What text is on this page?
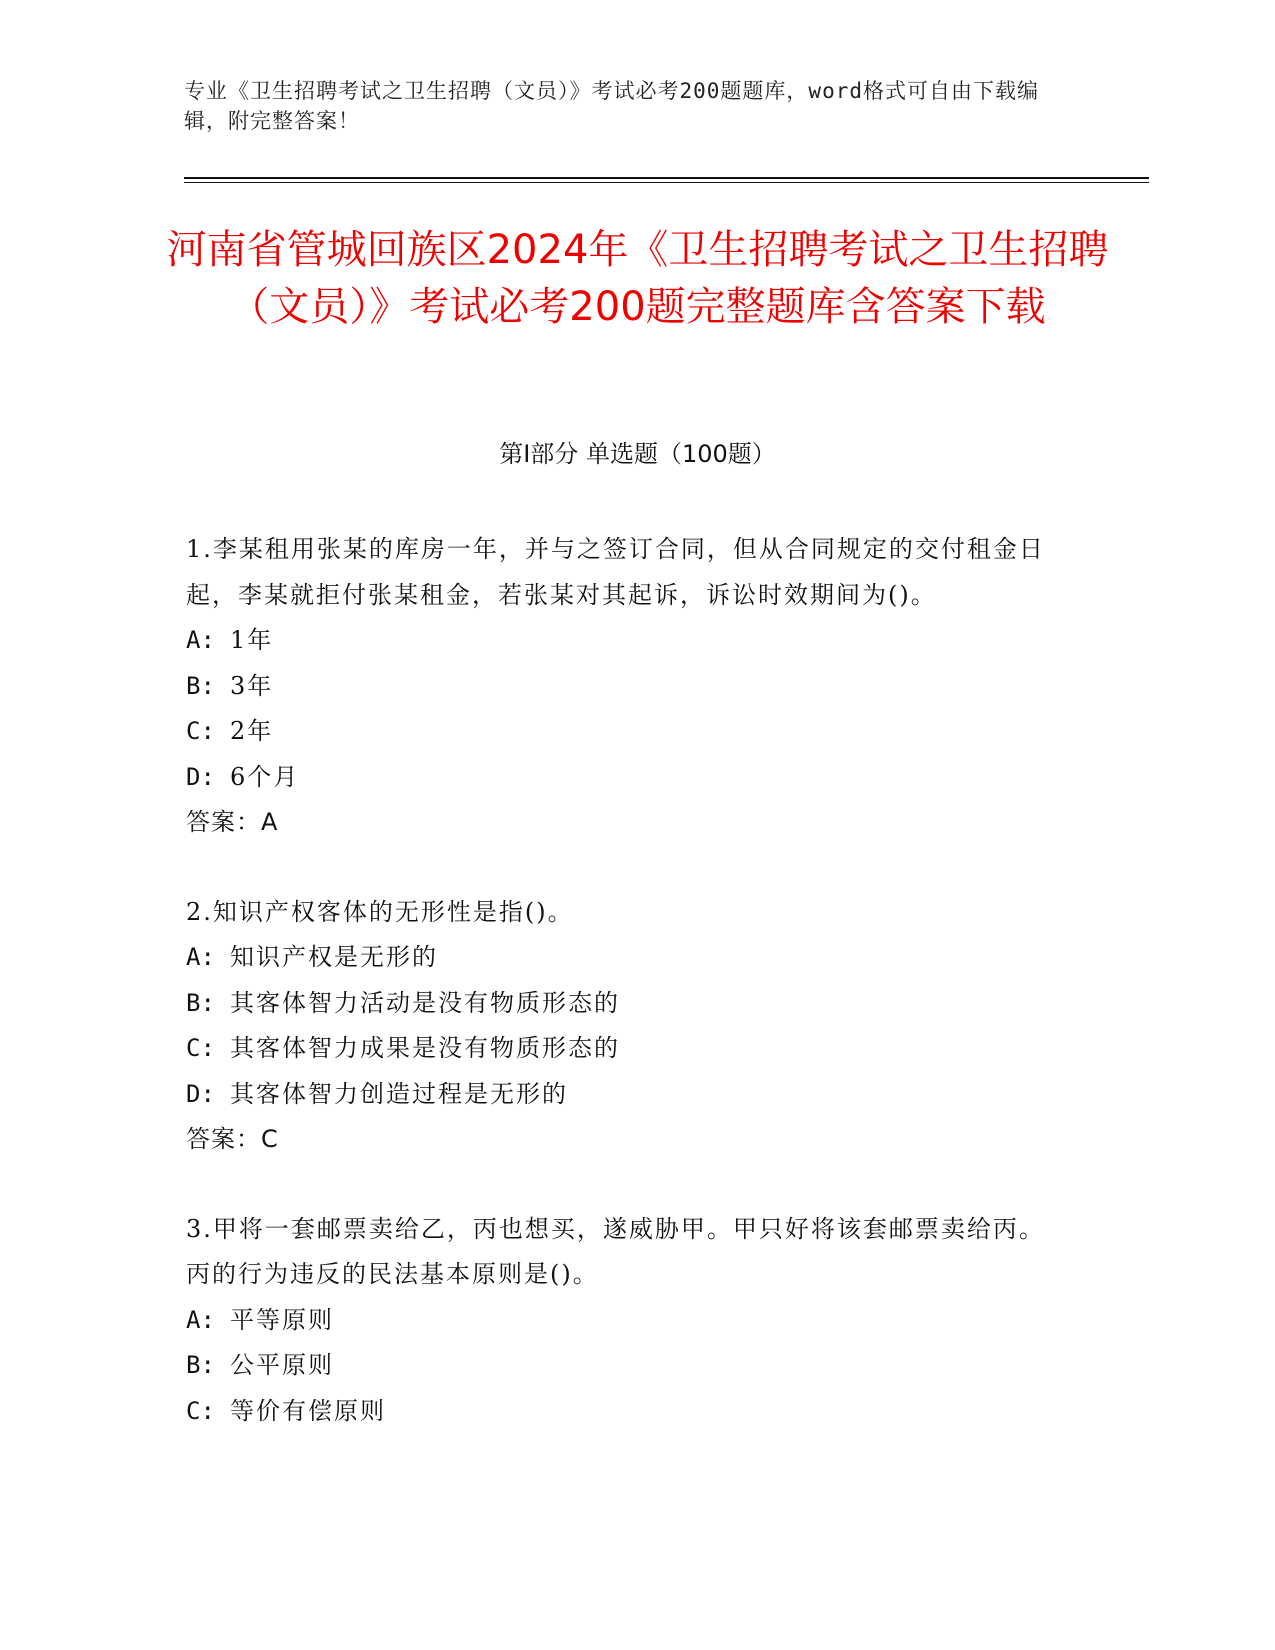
专业《卫生招聘考试之卫生招聘（文员）》考试必考200题题库，word格式可自由下载编辑，附完整答案！
河南省管城回族区2024年《卫生招聘考试之卫生招聘（文员）》考试必考200题完整题库含答案下载
第I部分 单选题（100题）

1.李某租用张某的库房一年，并与之签订合同，但从合同规定的交付租金日起，李某就拒付张某租金，若张某对其起诉，诉讼时效期间为()。

A: 1年

B: 3年

C: 2年

D: 6个月

答案：A

2.知识产权客体的无形性是指()。

A: 知识产权是无形的

B: 其客体智力活动是没有物质形态的

C: 其客体智力成果是没有物质形态的

D: 其客体智力创造过程是无形的

答案：C

3.甲将一套邮票卖给乙，丙也想买，遂威胁甲。甲只好将该套邮票卖给丙。丙的行为违反的民法基本原则是()。

A: 平等原则

B: 公平原则

C: 等价有偿原则
